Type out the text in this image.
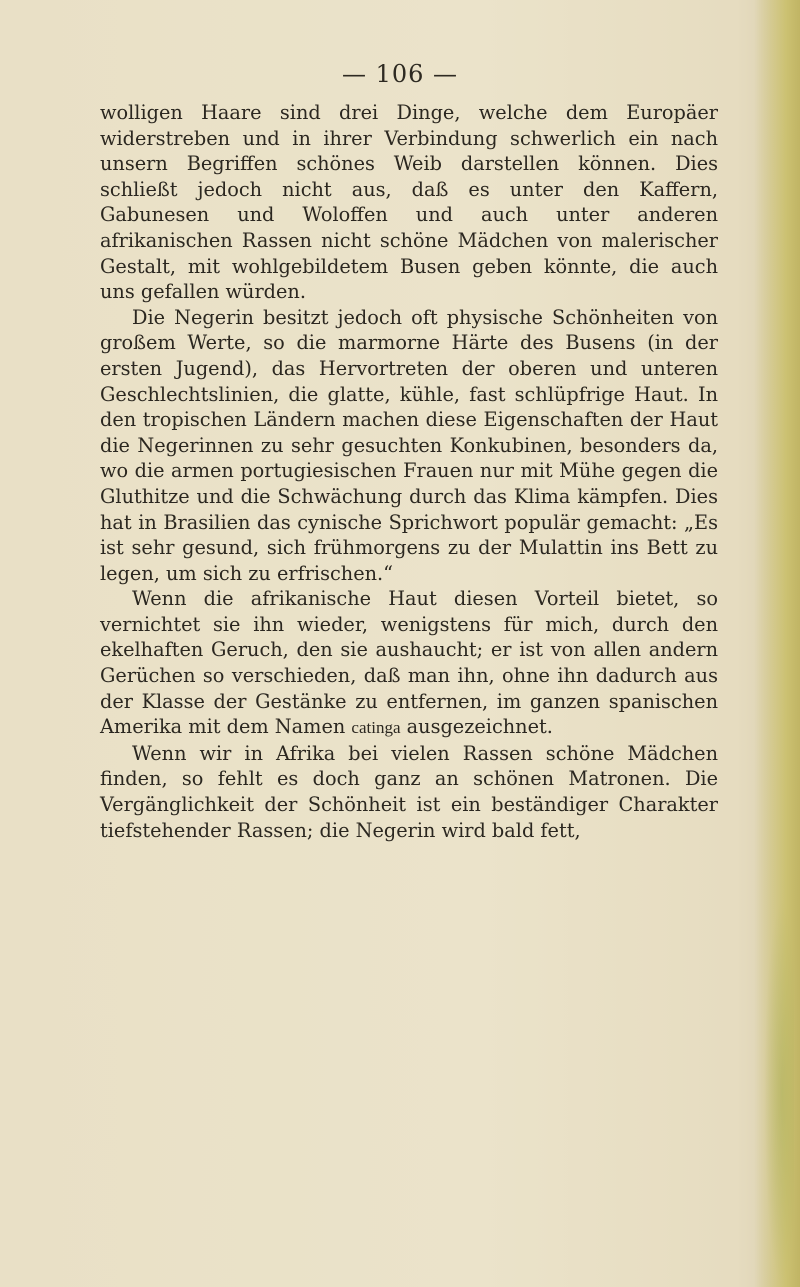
— 106 —

wolligen Haare sind drei Dinge, welche dem Europäer widerstreben und in ihrer Verbindung schwerlich ein nach unsern Begriffen schönes Weib darstellen können. Dies schließt jedoch nicht aus, daß es unter den Kaffern, Gabunesen und Woloffen und auch unter anderen afrikanischen Rassen nicht schöne Mädchen von malerischer Gestalt, mit wohlgebildetem Busen geben könnte, die auch uns gefallen würden.

Die Negerin besitzt jedoch oft physische Schönheiten von großem Werte, so die marmorne Härte des Busens (in der ersten Jugend), das Hervortreten der oberen und unteren Geschlechtslinien, die glatte, kühle, fast schlüpfrige Haut. In den tropischen Ländern machen diese Eigenschaften der Haut die Negerinnen zu sehr gesuchten Konkubinen, besonders da, wo die armen portugiesischen Frauen nur mit Mühe gegen die Gluthitze und die Schwächung durch das Klima kämpfen. Dies hat in Brasilien das cynische Sprichwort populär gemacht: „Es ist sehr gesund, sich frühmorgens zu der Mulattin ins Bett zu legen, um sich zu erfrischen.“

Wenn die afrikanische Haut diesen Vorteil bietet, so vernichtet sie ihn wieder, wenigstens für mich, durch den ekelhaften Geruch, den sie aushaucht; er ist von allen andern Gerüchen so verschieden, daß man ihn, ohne ihn dadurch aus der Klasse der Gestänke zu entfernen, im ganzen spanischen Amerika mit dem Namen catinga ausgezeichnet.

Wenn wir in Afrika bei vielen Rassen schöne Mädchen finden, so fehlt es doch ganz an schönen Matronen. Die Vergänglichkeit der Schönheit ist ein beständiger Charakter tiefstehender Rassen; die Negerin wird bald fett,
